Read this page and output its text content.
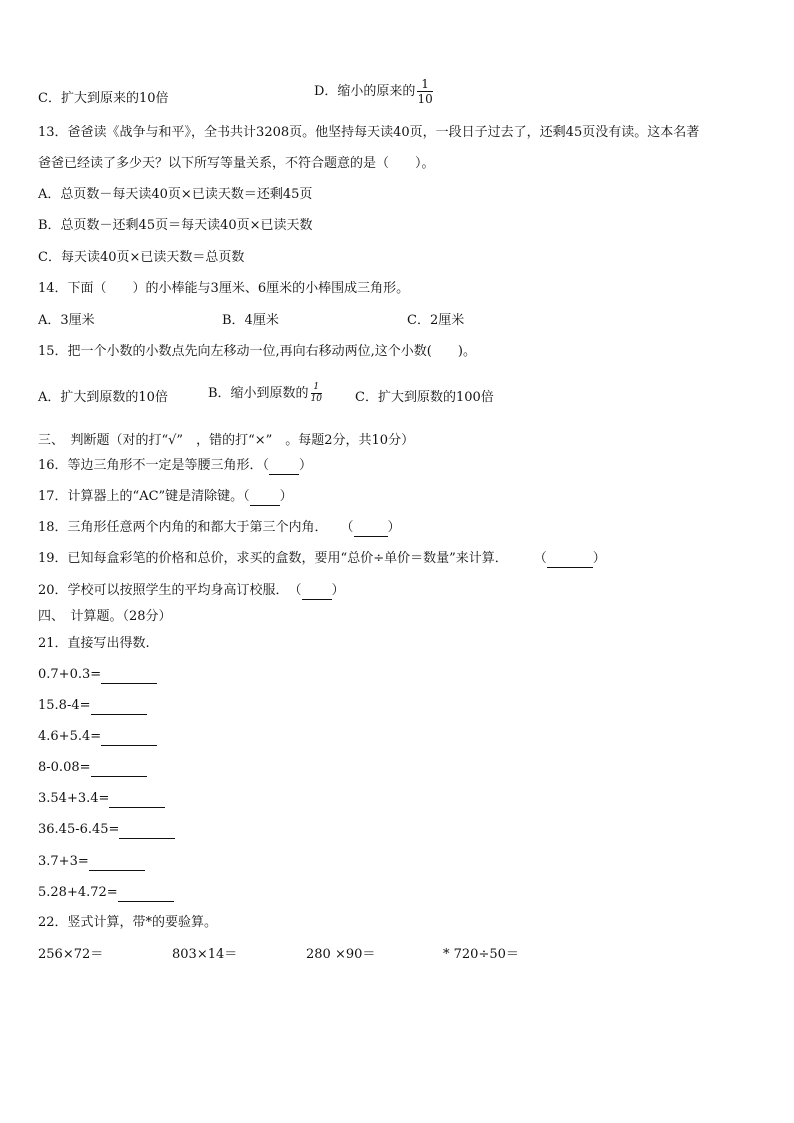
C．扩大到原来的10倍	D．缩小的原来的 $\frac{1}{10}$
13．爸爸读《战争与和平》，全书共计3208页。他坚持每天读40页，一段日子过去了，还剩45页没有读。这本名著
爸爸已经读了多少天？以下所写等量关系，不符合题意的是（　　）。
A．总页数－每天读40页×已读天数＝还剩45页
B．总页数－还剩45页＝每天读40页×已读天数
C．每天读40页×已读天数＝总页数
14．下面（　　）的小棒能与3厘米、6厘米的小棒围成三角形。
A．3厘米	B．4厘米	C．2厘米
15．把一个小数的小数点先向左移动一位,再向右移动两位,这个小数(　　)。
A．扩大到原数的10倍	B．缩小到原数的 $\frac{1}{10}$	C．扩大到原数的100倍
三、　判断题（对的打“√”　，错的打“×”　。每题2分，共10分）
16．等边三角形不一定是等腰三角形．（ ）
17．计算器上的“AC”键是清除键。（ ）
18．三角形任意两个内角的和都大于第三个内角．　　（	）
19．已知每盒彩笔的价格和总价，求买的盒数，要用“总价÷单价＝数量”来计算．　　　（	）
20．学校可以按照学生的平均身高订校服．　（ ）
四、　计算题。（28分）
21．直接写出得数.
0.7+0.3=
15.8-4=
4.6+5.4=
8-0.08=
3.54+3.4=
36.45-6.45=
3.7+3=
5.28+4.72=
22．竖式计算，带*的要验算。
256×72＝	803×14＝	280 ×90＝	* 720÷50＝
